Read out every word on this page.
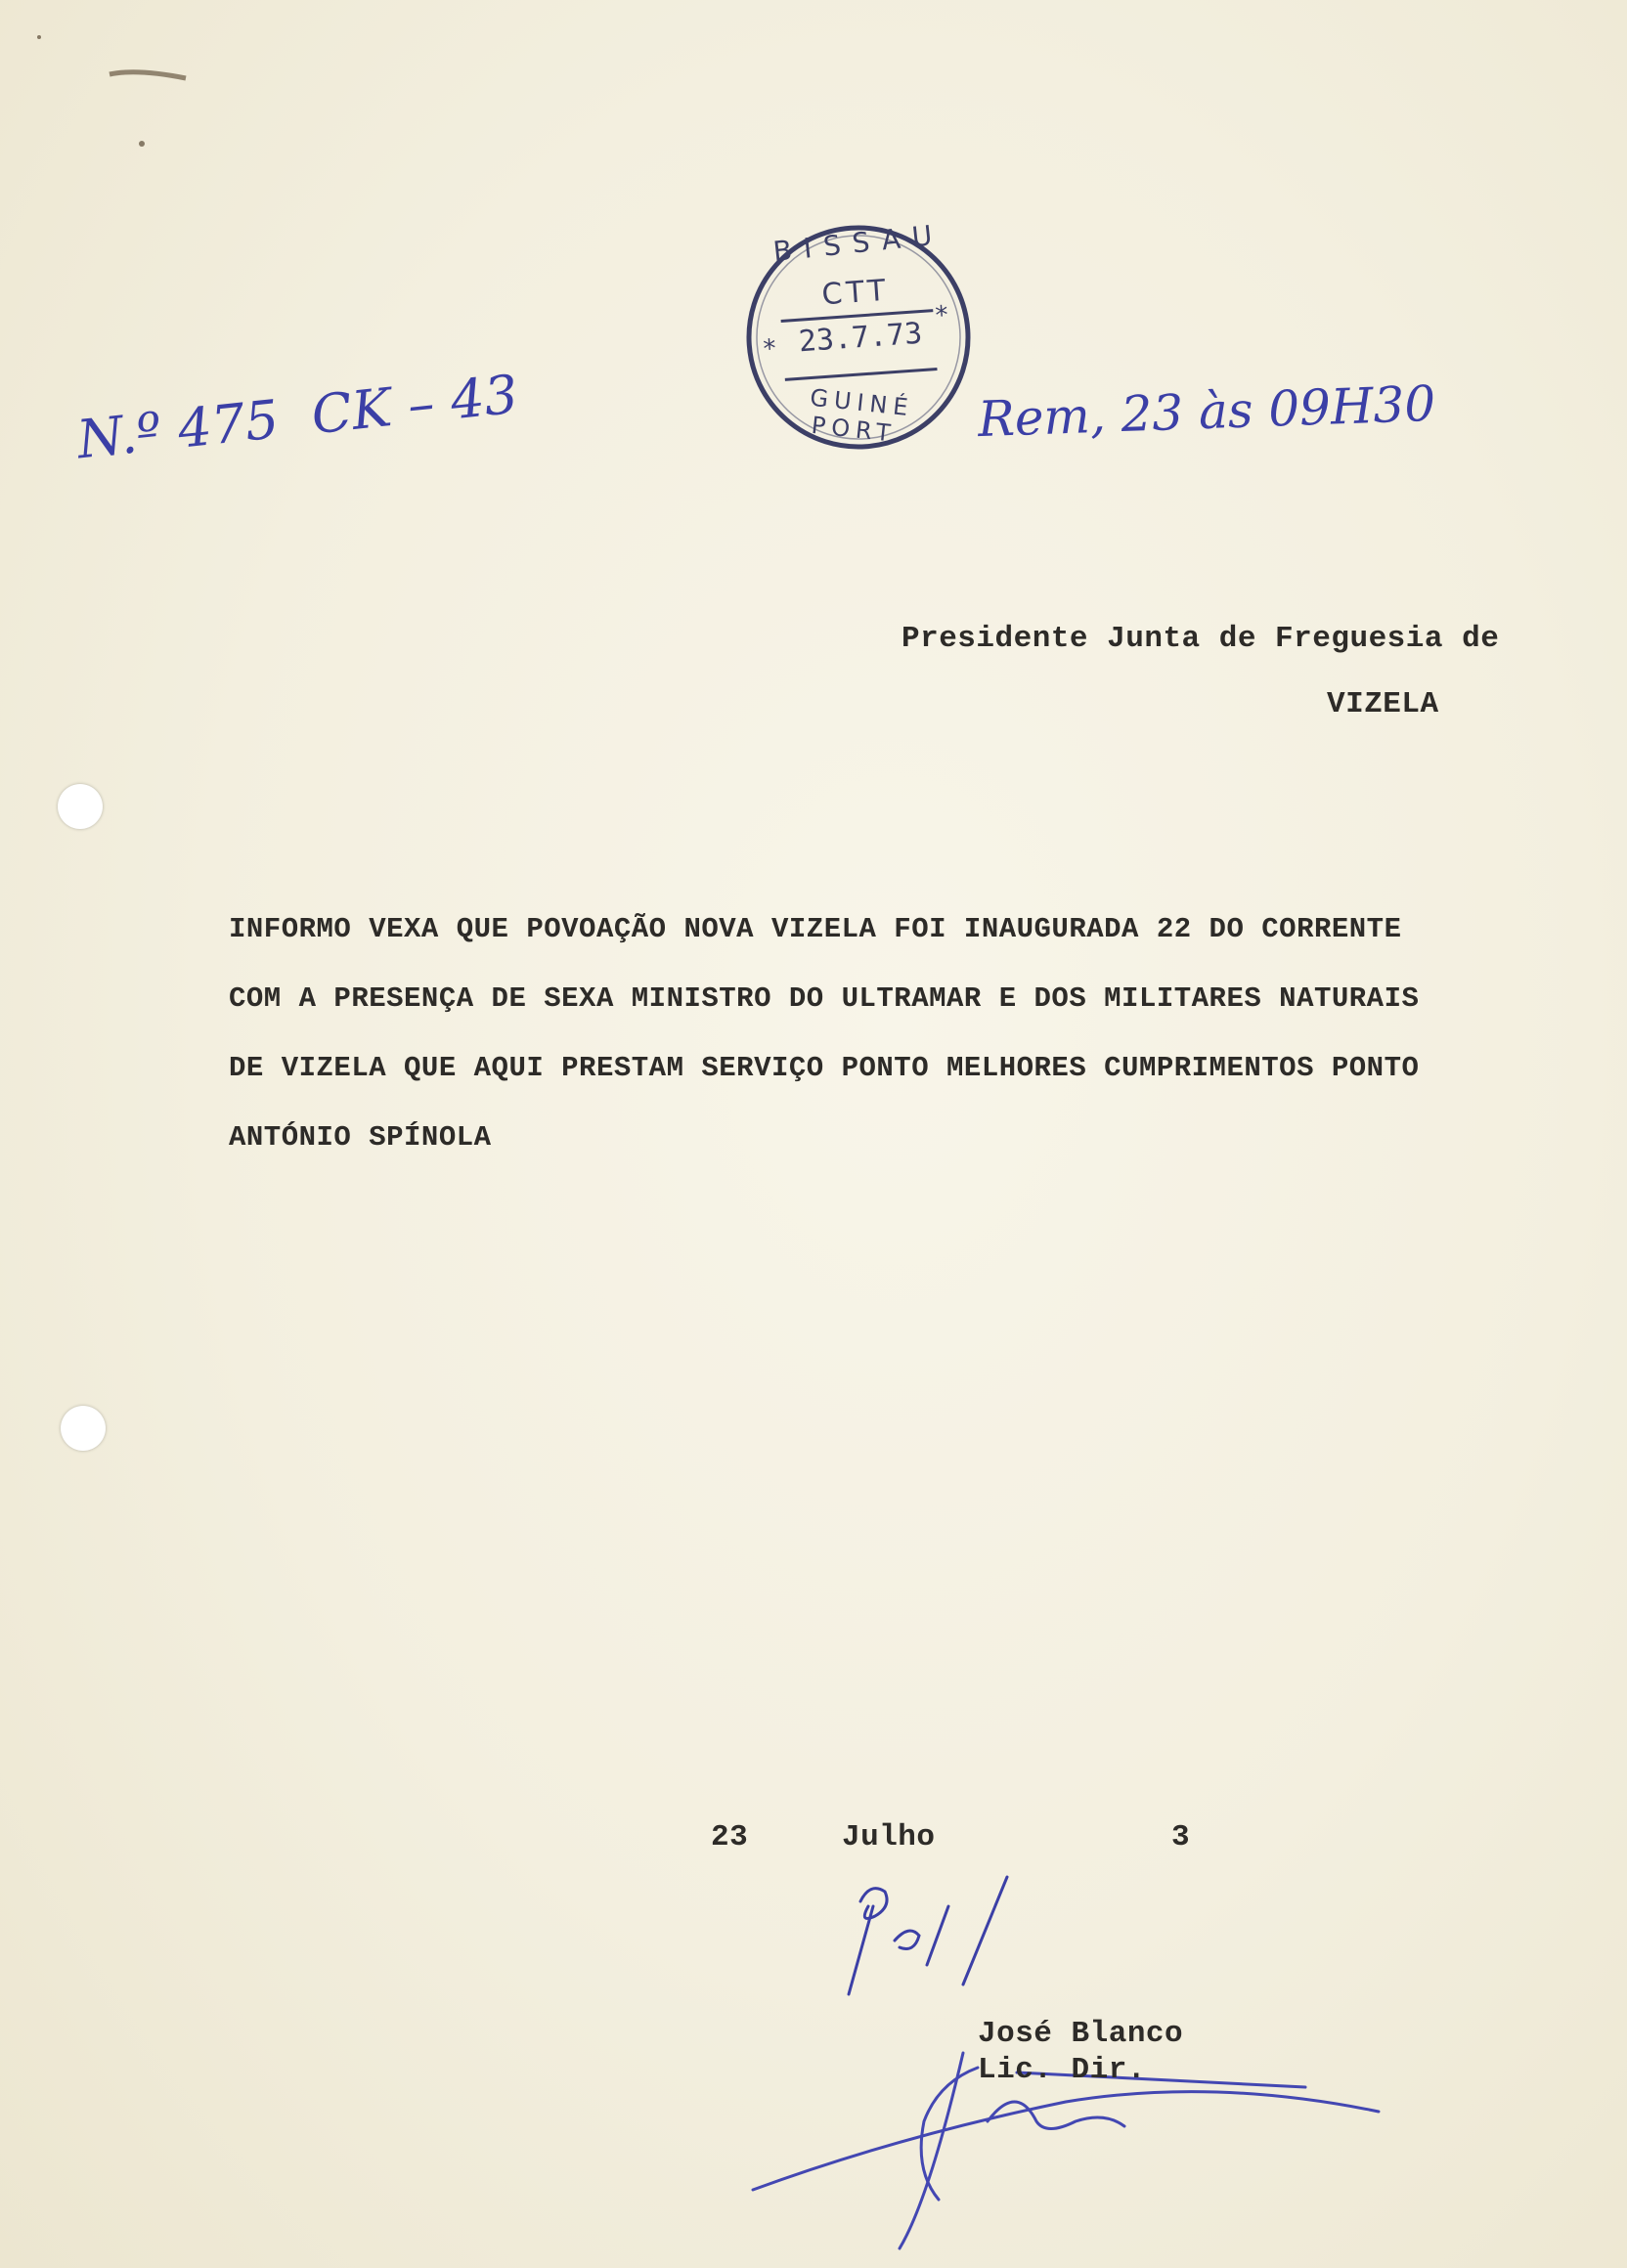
*
*
BISSAU
CTT
23.7.73
GUINÉ PORT.
N.º 475  CK – 43	Rem, 23 às 09H30
Presidente Junta de Freguesia de
VIZELA
INFORMO VEXA QUE POVOAÇÃO NOVA VIZELA FOI INAUGURADA 22 DO CORRENTE
COM A PRESENÇA DE SEXA MINISTRO DO ULTRAMAR E DOS MILITARES NATURAIS
DE VIZELA QUE AQUI PRESTAM SERVIÇO PONTO MELHORES CUMPRIMENTOS PONTO
ANTÓNIO SPÍNOLA
23	Julho	3
José Blanco
Lic. Dir.
